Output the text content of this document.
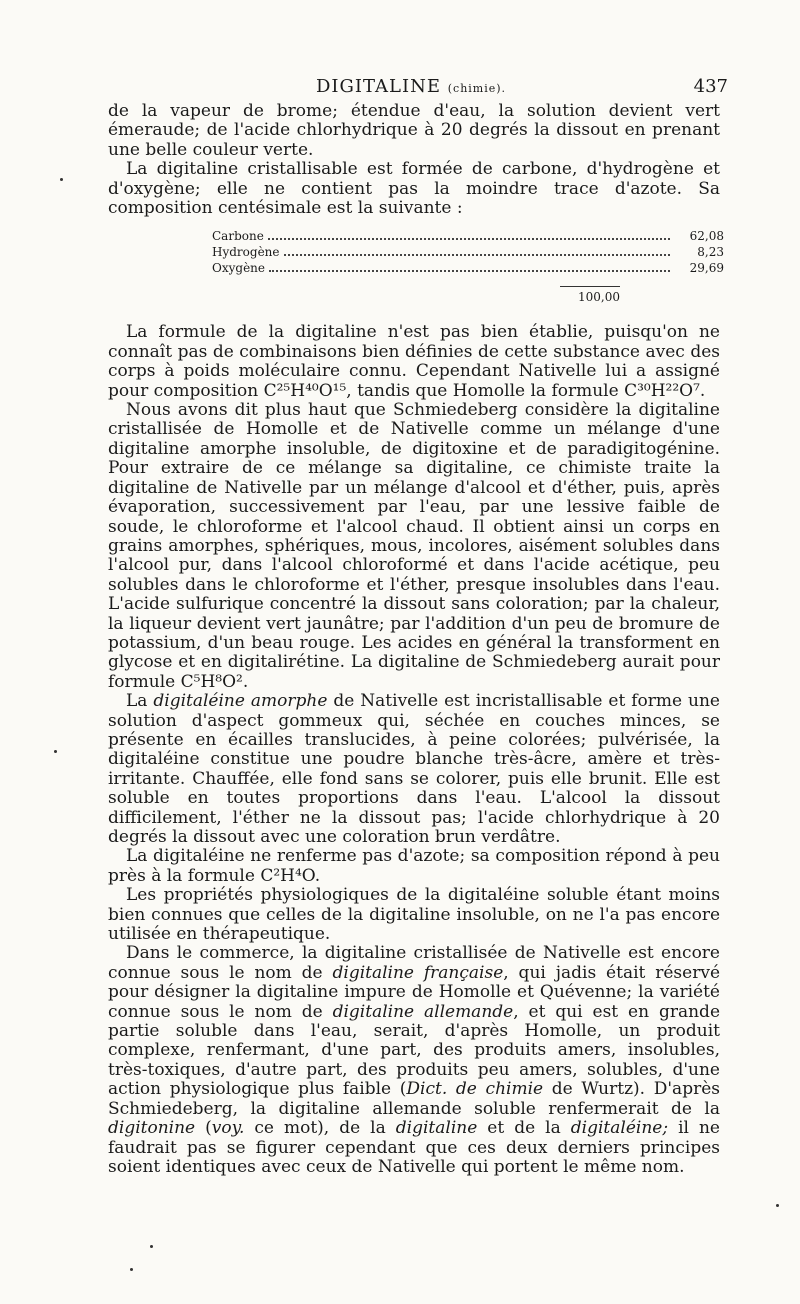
DIGITALINE (chimie).	437

de la vapeur de brome; étendue d'eau, la solution devient vert émeraude; de l'acide chlorhydrique à 20 degrés la dissout en prenant une belle couleur verte.

La digitaline cristallisable est formée de carbone, d'hydrogène et d'oxygène; elle ne contient pas la moindre trace d'azote. Sa composition centésimale est la suivante :

Carbone	62,08
Hydrogène	8,23
Oxygène	29,69
100,00

La formule de la digitaline n'est pas bien établie, puisqu'on ne connaît pas de combinaisons bien définies de cette substance avec des corps à poids moléculaire connu. Cependant Nativelle lui a assigné pour composition C²⁵H⁴⁰O¹⁵, tandis que Homolle la formule C³⁰H²²O⁷.

Nous avons dit plus haut que Schmiedeberg considère la digitaline cristallisée de Homolle et de Nativelle comme un mélange d'une digitaline amorphe insoluble, de digitoxine et de paradigitogénine. Pour extraire de ce mélange sa digitaline, ce chimiste traite la digitaline de Nativelle par un mélange d'alcool et d'éther, puis, après évaporation, successivement par l'eau, par une lessive faible de soude, le chloroforme et l'alcool chaud. Il obtient ainsi un corps en grains amorphes, sphériques, mous, incolores, aisément solubles dans l'alcool pur, dans l'alcool chloroformé et dans l'acide acétique, peu solubles dans le chloroforme et l'éther, presque insolubles dans l'eau. L'acide sulfurique concentré la dissout sans coloration; par la chaleur, la liqueur devient vert jaunâtre; par l'addition d'un peu de bromure de potassium, d'un beau rouge. Les acides en général la transforment en glycose et en digitalirétine. La digitaline de Schmiedeberg aurait pour formule C⁵H⁸O².

La digitaléine amorphe de Nativelle est incristallisable et forme une solution d'aspect gommeux qui, séchée en couches minces, se présente en écailles translucides, à peine colorées; pulvérisée, la digitaléine constitue une poudre blanche très-âcre, amère et très-irritante. Chauffée, elle fond sans se colorer, puis elle brunit. Elle est soluble en toutes proportions dans l'eau. L'alcool la dissout difficilement, l'éther ne la dissout pas; l'acide chlorhydrique à 20 degrés la dissout avec une coloration brun verdâtre.

La digitaléine ne renferme pas d'azote; sa composition répond à peu près à la formule C²H⁴O.

Les propriétés physiologiques de la digitaléine soluble étant moins bien connues que celles de la digitaline insoluble, on ne l'a pas encore utilisée en thérapeutique.

Dans le commerce, la digitaline cristallisée de Nativelle est encore connue sous le nom de digitaline française, qui jadis était réservé pour désigner la digitaline impure de Homolle et Quévenne; la variété connue sous le nom de digitaline allemande, et qui est en grande partie soluble dans l'eau, serait, d'après Homolle, un produit complexe, renfermant, d'une part, des produits amers, insolubles, très-toxiques, d'autre part, des produits peu amers, solubles, d'une action physiologique plus faible (Dict. de chimie de Wurtz). D'après Schmiedeberg, la digitaline allemande soluble renfermerait de la digitonine (voy. ce mot), de la digitaline et de la digitaléine; il ne faudrait pas se figurer cependant que ces deux derniers principes soient identiques avec ceux de Nativelle qui portent le même nom.
